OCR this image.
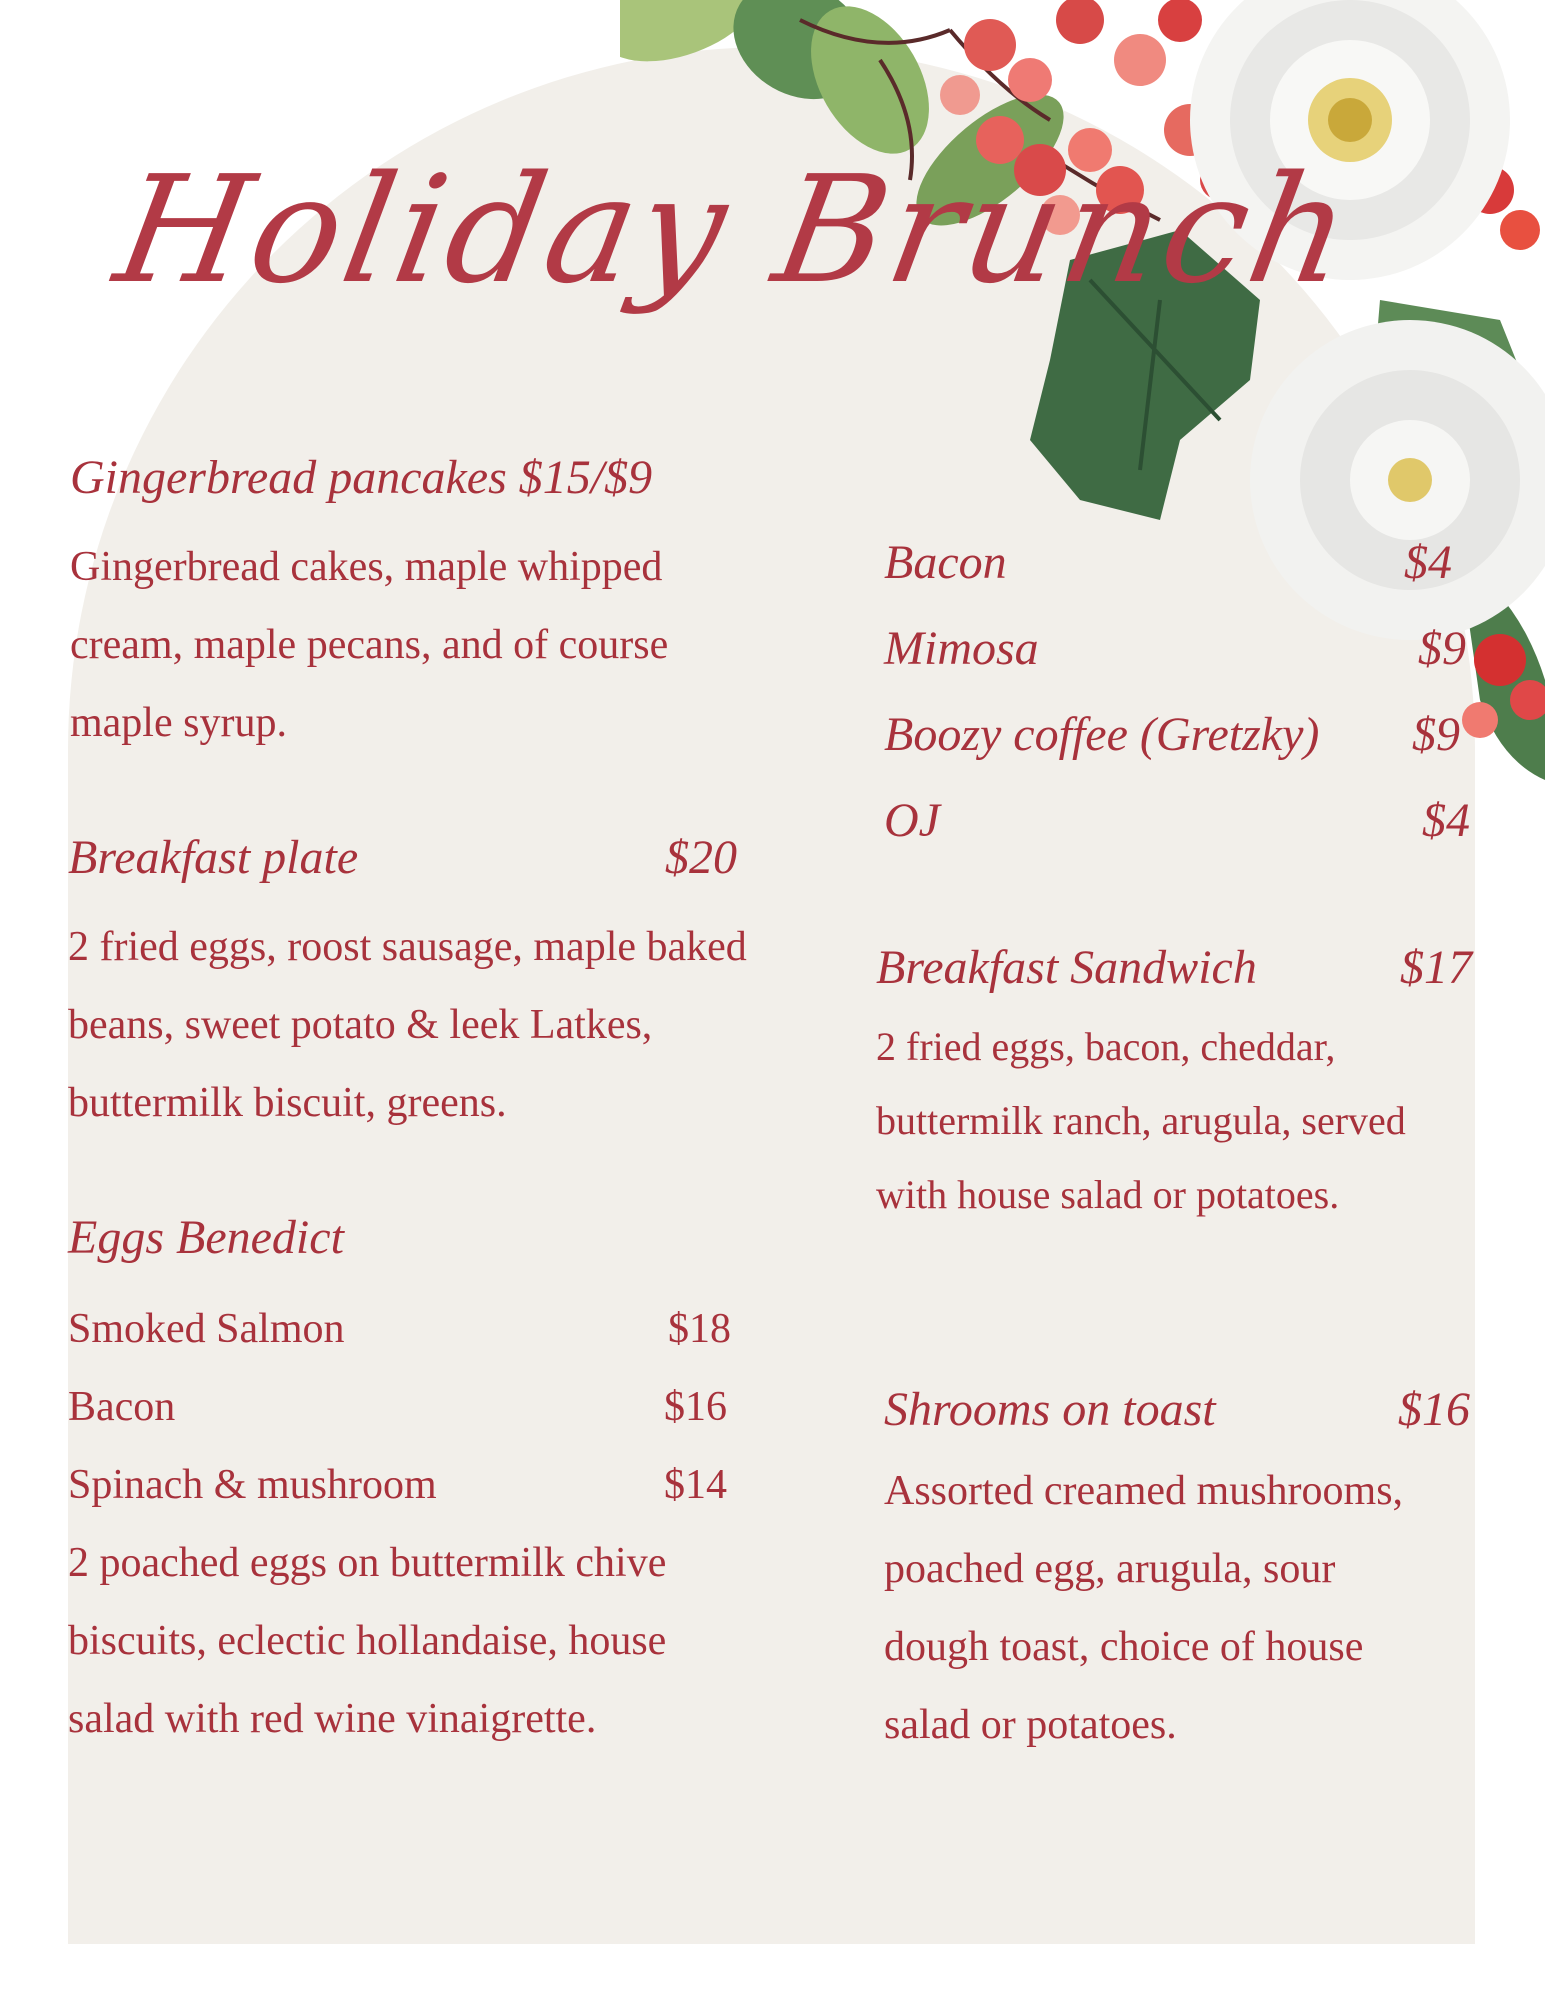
Holiday Brunch
Gingerbread pancakes $15/$9
Gingerbread cakes, maple whipped cream, maple pecans, and of course maple syrup.
Breakfast plate	$20
2 fried eggs, roost sausage, maple baked beans, sweet potato & leek Latkes, buttermilk biscuit, greens.
Eggs Benedict
Smoked Salmon	$18
Bacon	$16
Spinach & mushroom	$14
2 poached eggs on buttermilk chive biscuits, eclectic hollandaise, house salad with red wine vinaigrette.
Bacon	$4
Mimosa	$9
Boozy coffee (Gretzky) $9
OJ	$4
Breakfast Sandwich	$17
2 fried eggs, bacon, cheddar, buttermilk ranch, arugula, served with house salad or potatoes.
Shrooms on toast	$16
Assorted creamed mushrooms, poached egg, arugula, sour dough toast, choice of house salad or potatoes.
